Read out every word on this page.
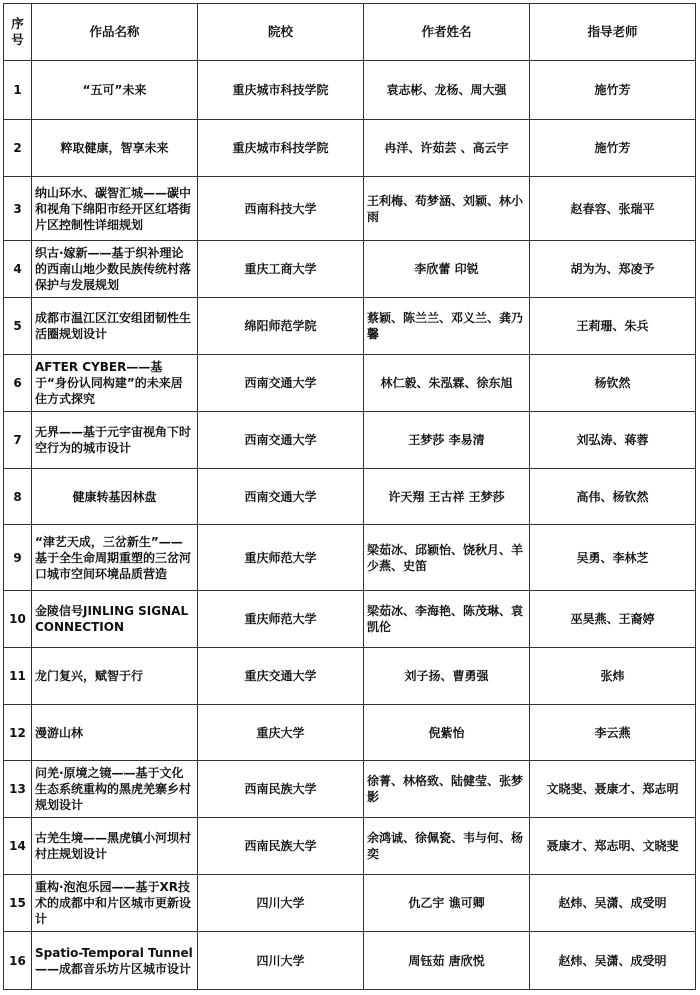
序号	作品名称	院校	作者姓名	指导老师
1	“五可”未来	重庆城市科技学院	袁志彬、龙杨、周大强	施竹芳
2	粹取健康，智享未来	重庆城市科技学院	冉洋、许茹芸 、高云宇	施竹芳
3	纳山环水、碳智汇城——碳中和视角下绵阳市经开区红塔街片区控制性详细规划	西南科技大学	王利梅、苟梦涵、刘颖、林小雨	赵春容、张瑞平
4	织古·嫁新——基于织补理论的西南山地少数民族传统村落保护与发展规划	重庆工商大学	李欣蕾 印锐	胡为为、郑凌予
5	成都市温江区江安组团韧性生活圈规划设计	绵阳师范学院	蔡颖、陈兰兰、邓义兰、龚乃馨	王莉珊、朱兵
6	AFTER CYBER——基于“身份认同构建”的未来居住方式探究	西南交通大学	林仁毅、朱泓霖、徐东旭	杨钦然
7	无界——基于元宇宙视角下时空行为的城市设计	西南交通大学	王梦莎 李易清	刘弘涛、蒋蓉
8	健康转基因林盘	西南交通大学	许天翔 王古祥 王梦莎	高伟、杨钦然
9	“津艺天成，三岔新生”——基于全生命周期重塑的三岔河口城市空间环境品质营造	重庆师范大学	梁茹冰、邱颖怡、饶秋月、羊少燕、史笛	吴勇、李林芝
10	金陵信号JINLING SIGNAL CONNECTION	重庆师范大学	梁茹冰、李海艳、陈茂琳、袁凯伦	巫昊燕、王裔婷
11	龙门复兴，赋智于行	重庆交通大学	刘子扬、曹勇强	张炜
12	漫游山林	重庆大学	倪紫怡	李云燕
13	问羌·原境之镜——基于文化生态系统重构的黑虎羌寨乡村规划设计	西南民族大学	徐菁、林格致、陆健莹、张梦影	文晓斐、聂康才、郑志明
14	古羌生境——黑虎镇小河坝村村庄规划设计	西南民族大学	余鸿诚、徐佩瓷、韦与何、杨奕	聂康才、郑志明、文晓斐
15	重构·泡泡乐园——基于XR技术的成都中和片区城市更新设计	四川大学	仇乙宇 谯可卿	赵炜、吴潇、成受明
16	Spatio-Temporal Tunnel——成都音乐坊片区城市设计	四川大学	周钰茹 唐欣悦	赵炜、吴潇、成受明
